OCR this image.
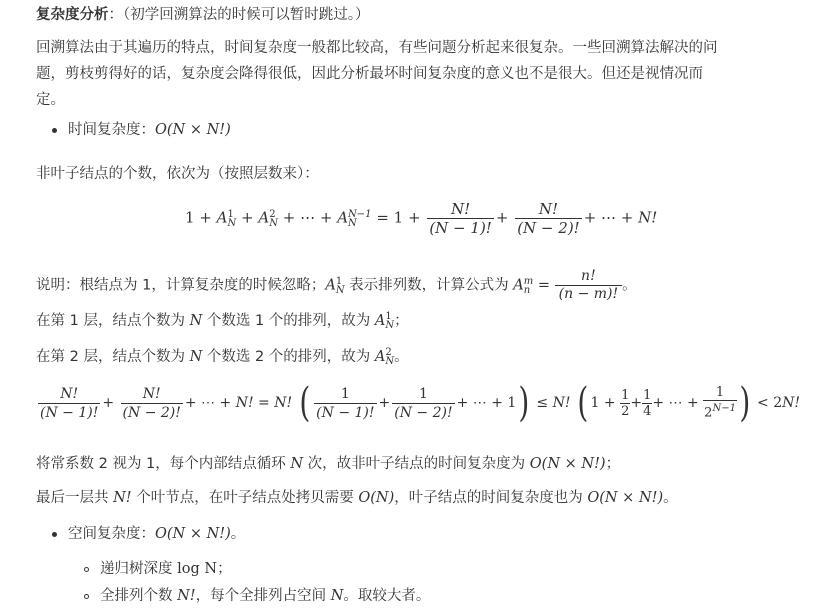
复杂度分析：（初学回溯算法的时候可以暂时跳过。）
回溯算法由于其遍历的特点，时间复杂度一般都比较高，有些问题分析起来很复杂。一些回溯算法解决的问
题，剪枝剪得好的话，复杂度会降得很低，因此分析最坏时间复杂度的意义也不是很大。但还是视情况而
定。
时间复杂度：O(N × N!)
非叶子结点的个数，依次为（按照层数来）：
1 + A 1
N + A 2
N + ⋯ + A N−1
N	= $1 + \frac{N!}{(N - 1)!} + \frac{N!}{(N - 2)!}$ + ⋯ + N!
说明：根结点为 1，计算复杂度的时候忽略；A 1
N 表示排列数，计算公式为 A m
$n = \frac{n!}{(n - m)!}$ 。
在第 1 层，结点个数为 N 个数选 1 个的排列，故为 A 1
N ；
在第 2 层，结点个数为 N 个数选 2 个的排列，故为 A 2
N 。
$\frac{N!}{(N - 1)!} + \frac{N!}{(N - 2)!}$ + ⋯ + N! = N! ( $\frac{1}{(N - 1)!} + \frac{1}{(N - 2)!}$ + ⋯ + 1) ≤ N! ( $1 + \frac{1}{2} + \frac{1}{4}$ + ⋯ + $\frac{1}{2^{N-1}}$ ) < 2N!
将常系数 2 视为 1，每个内部结点循环 N 次，故非叶子结点的时间复杂度为 O(N × N!)；
最后一层共 N! 个叶节点，在叶子结点处拷贝需要 O(N)，叶子结点的时间复杂度也为 O(N × N!)。
空间复杂度：O(N × N!)。
递归树深度 log N；
全排列个数 N!，每个全排列占空间 N。取较大者。
